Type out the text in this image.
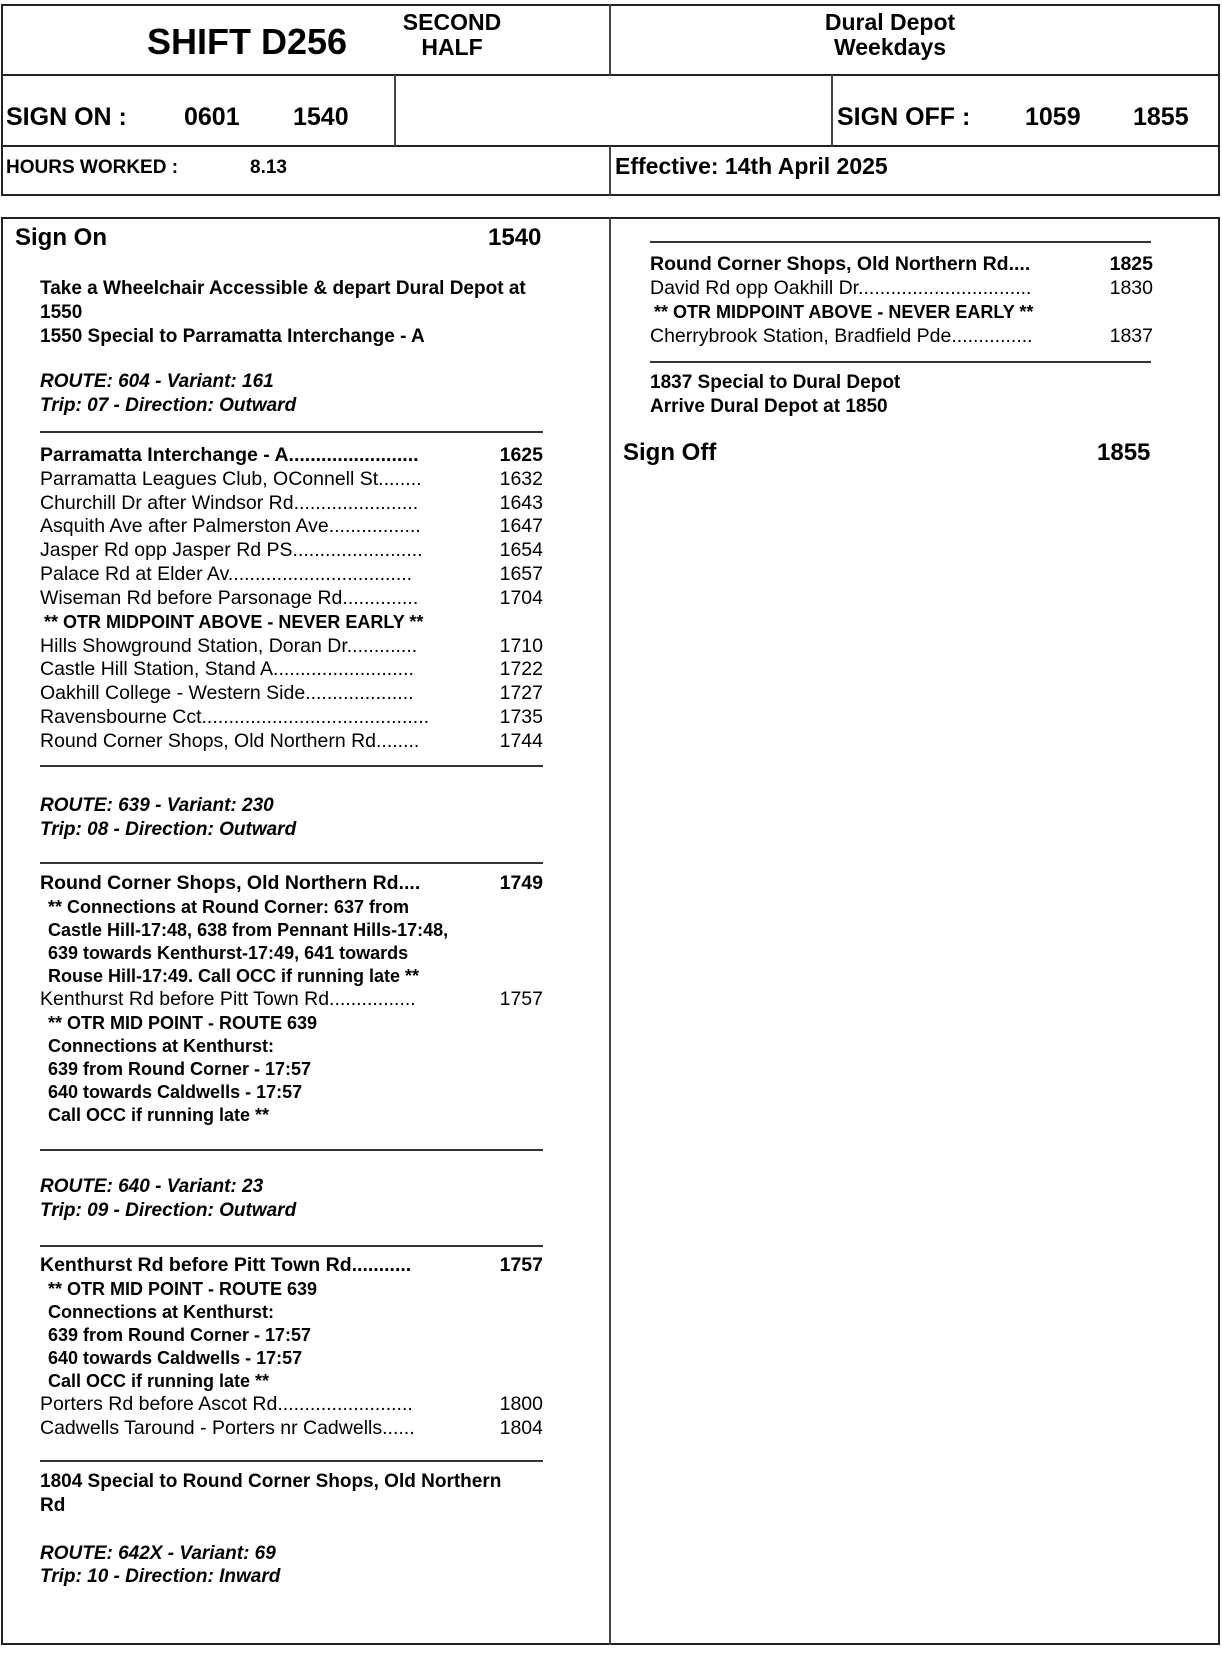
SHIFT D256	SECOND
HALF
Dural Depot
Weekdays
SIGN ON : 0601 1540	SIGN OFF : 1059 1855
HOURS WORKED :	8.13	Effective: 14th April 2025
Sign On	1540
Take a Wheelchair Accessible & depart Dural Depot at
1550
1550 Special to Parramatta Interchange - A
ROUTE: 604 - Variant: 161
Trip: 07 - Direction: Outward
Parramatta Interchange - A........................	1625
Parramatta Leagues Club, OConnell St........	1632
Churchill Dr after Windsor Rd.......................	1643
Asquith Ave after Palmerston Ave.................	1647
Jasper Rd opp Jasper Rd PS........................	1654
Palace Rd at Elder Av..................................	1657
Wiseman Rd before Parsonage Rd..............	1704
** OTR MIDPOINT ABOVE - NEVER EARLY **
Hills Showground Station, Doran Dr.............	1710
Castle Hill Station, Stand A..........................	1722
Oakhill College - Western Side....................	1727
Ravensbourne Cct..........................................	1735
Round Corner Shops, Old Northern Rd........	1744
ROUTE: 639 - Variant: 230
Trip: 08 - Direction: Outward
Round Corner Shops, Old Northern Rd....	1749
** Connections at Round Corner: 637 from
Castle Hill-17:48, 638 from Pennant Hills-17:48,
639 towards Kenthurst-17:49, 641 towards
Rouse Hill-17:49. Call OCC if running late **
Kenthurst Rd before Pitt Town Rd................	1757
** OTR MID POINT - ROUTE 639
Connections at Kenthurst:
639 from Round Corner - 17:57
640 towards Caldwells - 17:57
Call OCC if running late **
ROUTE: 640 - Variant: 23
Trip: 09 - Direction: Outward
Kenthurst Rd before Pitt Town Rd...........	1757
** OTR MID POINT - ROUTE 639
Connections at Kenthurst:
639 from Round Corner - 17:57
640 towards Caldwells - 17:57
Call OCC if running late **
Porters Rd before Ascot Rd.........................	1800
Cadwells Taround - Porters nr Cadwells......	1804
1804 Special to Round Corner Shops, Old Northern
Rd
ROUTE: 642X - Variant: 69
Trip: 10 - Direction: Inward
Round Corner Shops, Old Northern Rd....	1825
David Rd opp Oakhill Dr................................	1830
** OTR MIDPOINT ABOVE - NEVER EARLY **
Cherrybrook Station, Bradfield Pde...............	1837
1837 Special to Dural Depot
Arrive Dural Depot at 1850
Sign Off	1855
